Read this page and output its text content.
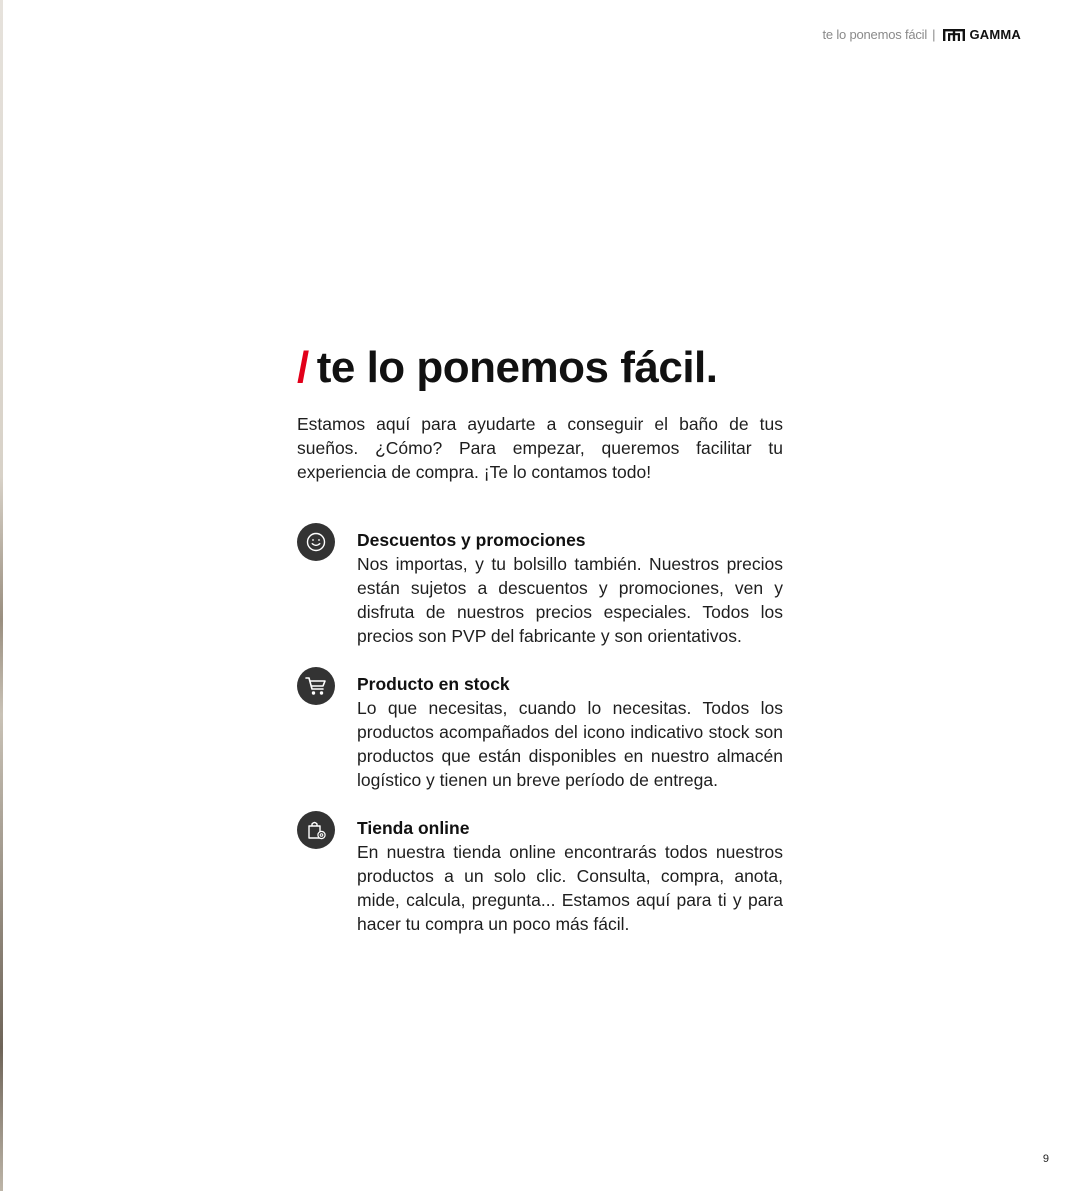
te lo ponemos fácil |	GAMMA
/ te lo ponemos fácil.

Estamos aquí para ayudarte a conseguir el baño de tus sueños. ¿Cómo? Para empezar, queremos facilitar tu experiencia de compra. ¡Te lo contamos todo!

Descuentos y promociones

Nos importas, y tu bolsillo también. Nuestros precios están sujetos a descuentos y promociones, ven y disfruta de nuestros precios especiales. Todos los precios son PVP del fabricante y son orientativos.

Producto en stock

Lo que necesitas, cuando lo necesitas. Todos los productos acompañados del icono indicativo stock son productos que están disponibles en nuestro almacén logístico y tienen un breve período de entrega.

Tienda online

En nuestra tienda online encontrarás todos nuestros productos a un solo clic. Consulta, compra, anota, mide, calcula, pregunta... Estamos aquí para ti y para hacer tu compra un poco más fácil.

9
